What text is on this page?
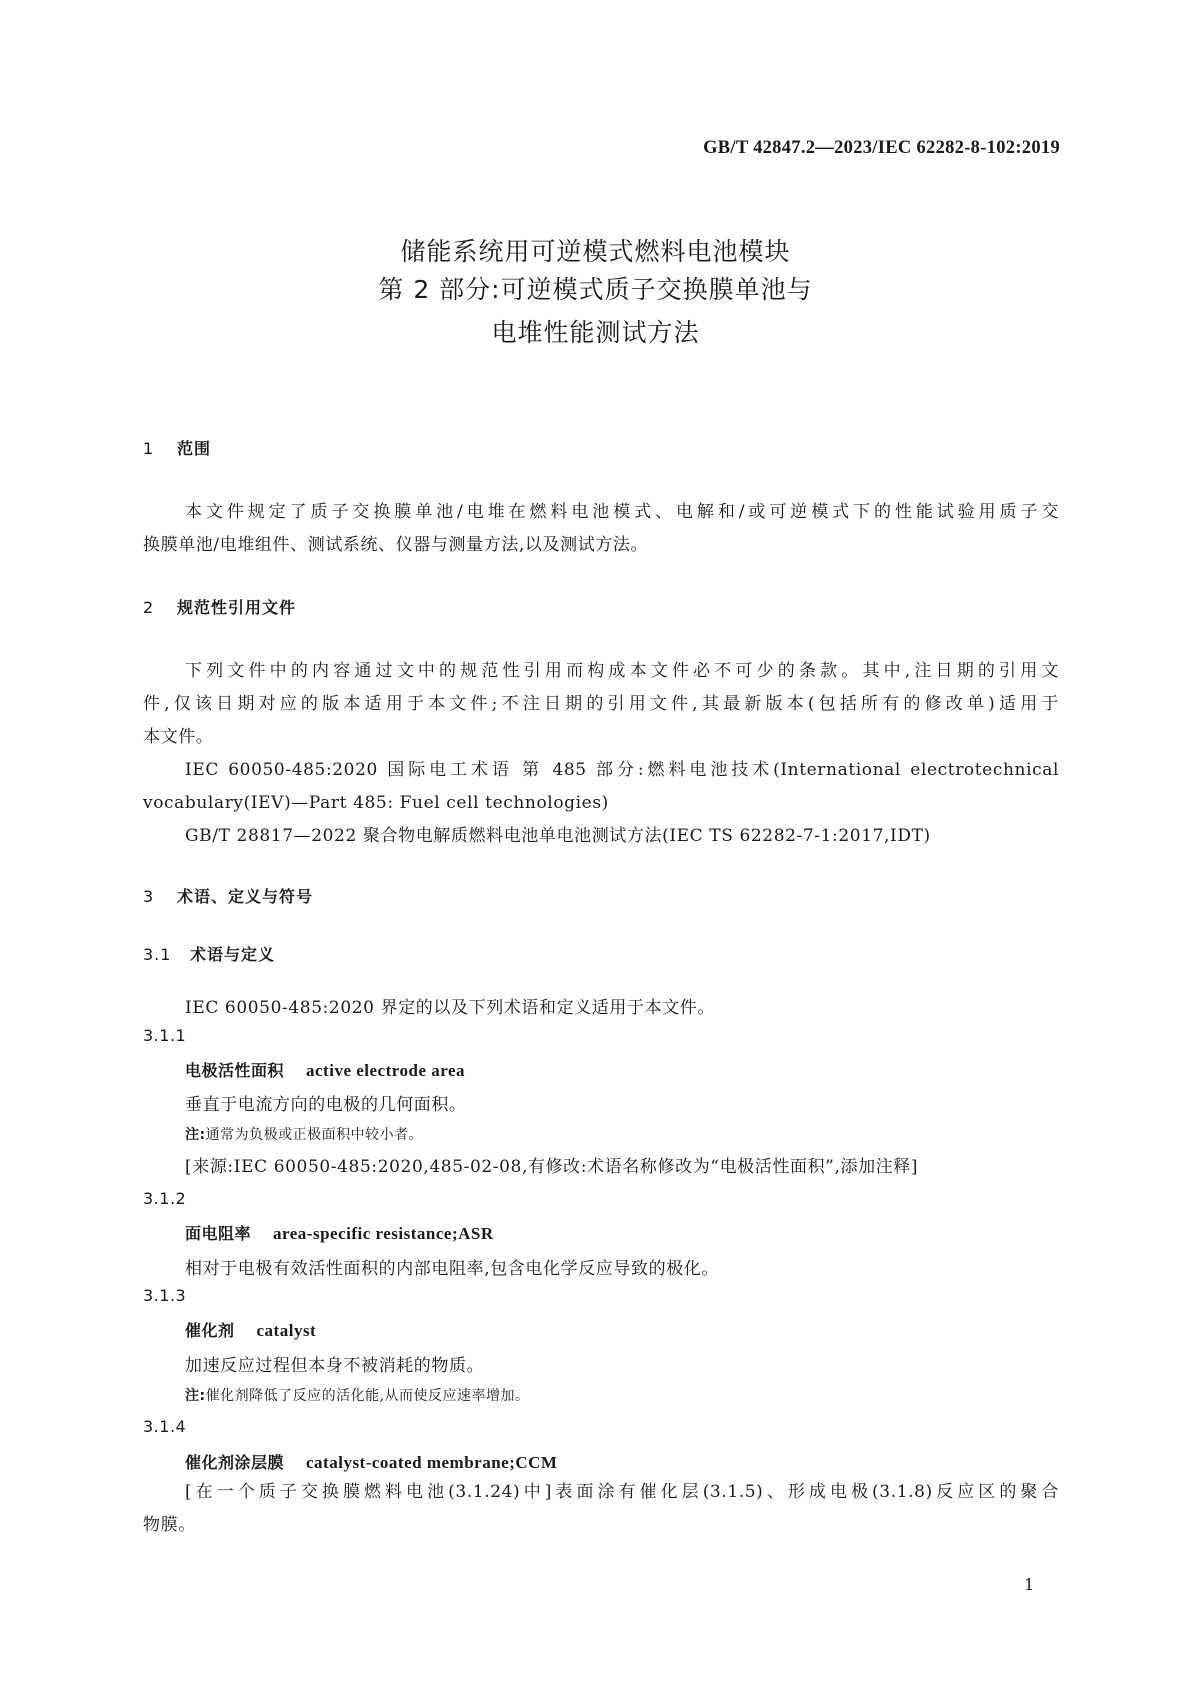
GB/T 42847.2—2023/IEC 62282-8-102:2019
储能系统用可逆模式燃料电池模块
第 2 部分:可逆模式质子交换膜单池与
电堆性能测试方法
1 范围
本文件规定了质子交换膜单池/电堆在燃料电池模式、电解和/或可逆模式下的性能试验用质子交
换膜单池/电堆组件、测试系统、仪器与测量方法,以及测试方法。
2 规范性引用文件
下列文件中的内容通过文中的规范性引用而构成本文件必不可少的条款。其中,注日期的引用文
件,仅该日期对应的版本适用于本文件;不注日期的引用文件,其最新版本(包括所有的修改单)适用于
本文件。
IEC 60050-485:2020 国际电工术语 第 485 部分:燃料电池技术(International electrotechnical
vocabulary(IEV)—Part 485: Fuel cell technologies)
GB/T 28817—2022 聚合物电解质燃料电池单电池测试方法(IEC TS 62282-7-1:2017,IDT)
3 术语、定义与符号
3.1 术语与定义
IEC 60050-485:2020 界定的以及下列术语和定义适用于本文件。
3.1.1
电极活性面积 active electrode area
垂直于电流方向的电极的几何面积。
注:通常为负极或正极面积中较小者。
[来源:IEC 60050-485:2020,485-02-08,有修改:术语名称修改为“电极活性面积”,添加注释]
3.1.2
面电阻率 area-specific resistance;ASR
相对于电极有效活性面积的内部电阻率,包含电化学反应导致的极化。
3.1.3
催化剂 catalyst
加速反应过程但本身不被消耗的物质。
注:催化剂降低了反应的活化能,从而使反应速率增加。
3.1.4
催化剂涂层膜 catalyst-coated membrane;CCM
[在一个质子交换膜燃料电池(3.1.24)中]表面涂有催化层(3.1.5)、形成电极(3.1.8)反应区的聚合
物膜。
1
